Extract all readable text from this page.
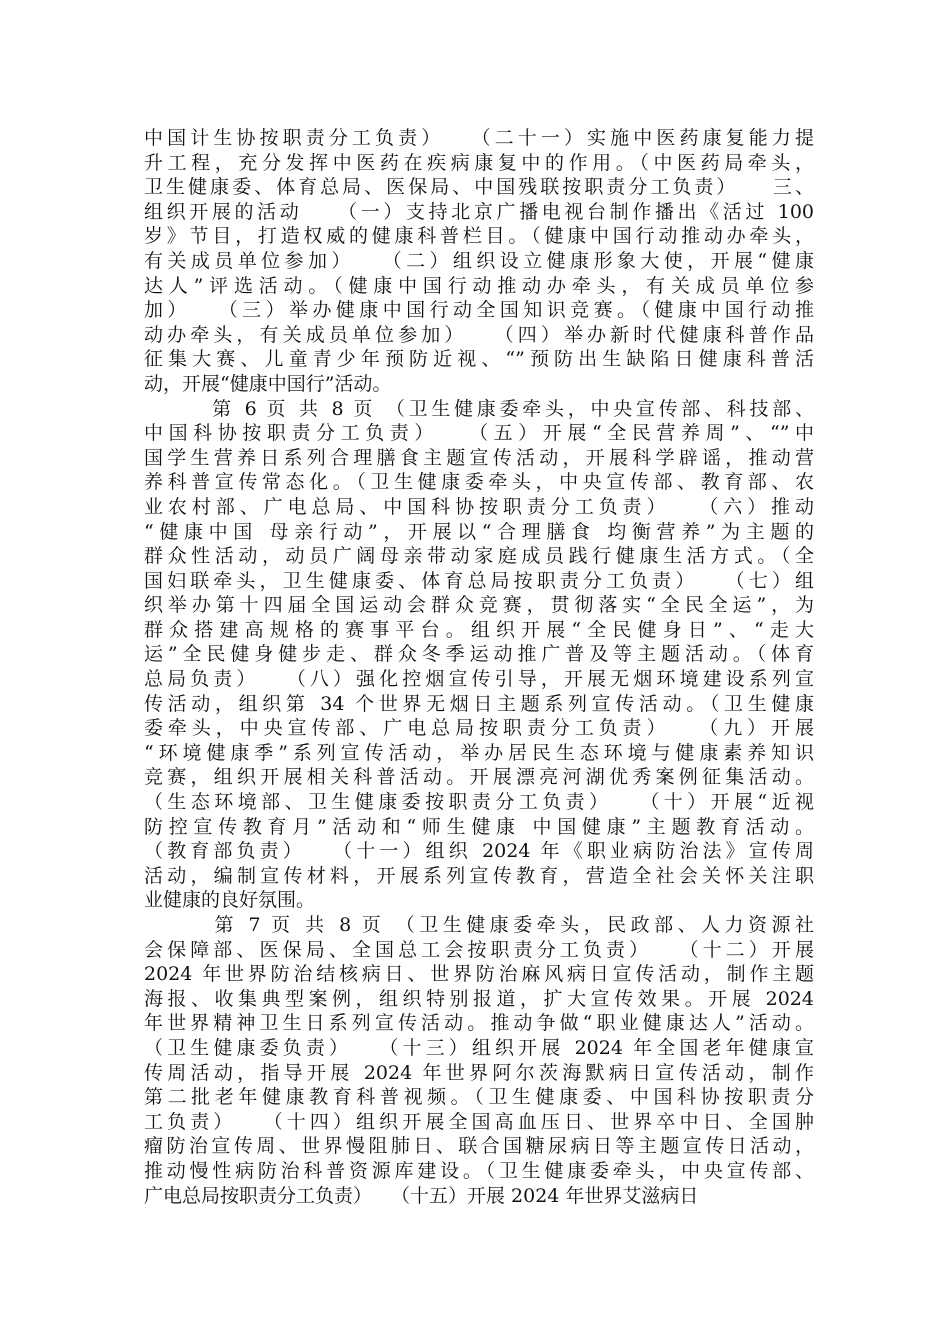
中国计生协按职责分工负责）　　（二十一）实施中医药康复能力提
升工程，充分发挥中医药在疾病康复中的作用。（中医药局牵头，
卫生健康委、体育总局、医保局、中国残联按职责分工负责）　　三、
组织开展的活动　　（一）支持北京广播电视台制作播出《活过 100
岁》节目，打造权威的健康科普栏目。（健康中国行动推动办牵头，
有关成员单位参加）　　（二）组织设立健康形象大使，开展“健康
达人”评选活动。（健康中国行动推动办牵头，有关成员单位参
加）　　（三）举办健康中国行动全国知识竞赛。（健康中国行动推
动办牵头，有关成员单位参加）　　（四）举办新时代健康科普作品
征集大赛、儿童青少年预防近视、“”预防出生缺陷日健康科普活
动，开展“健康中国行”活动。
　　　第 6 页 共 8 页 （卫生健康委牵头，中央宣传部、科技部、
中国科协按职责分工负责）　　（五）开展“全民营养周”、“”中
国学生营养日系列合理膳食主题宣传活动，开展科学辟谣，推动营
养科普宣传常态化。（卫生健康委牵头，中央宣传部、教育部、农
业农村部、广电总局、中国科协按职责分工负责）　　（六）推动
“健康中国 母亲行动”，开展以“合理膳食 均衡营养”为主题的
群众性活动，动员广阔母亲带动家庭成员践行健康生活方式。（全
国妇联牵头，卫生健康委、体育总局按职责分工负责）　　（七）组
织举办第十四届全国运动会群众竞赛，贯彻落实“全民全运”，为
群众搭建高规格的赛事平台。组织开展“全民健身日”、“走大
运”全民健身健步走、群众冬季运动推广普及等主题活动。（体育
总局负责）　　（八）强化控烟宣传引导，开展无烟环境建设系列宣
传活动，组织第 34 个世界无烟日主题系列宣传活动。（卫生健康
委牵头，中央宣传部、广电总局按职责分工负责）　　（九）开展
“环境健康季”系列宣传活动，举办居民生态环境与健康素养知识
竞赛，组织开展相关科普活动。开展漂亮河湖优秀案例征集活动。
（生态环境部、卫生健康委按职责分工负责）　　（十）开展“近视
防控宣传教育月”活动和“师生健康 中国健康”主题教育活动。
（教育部负责）　　（十一）组织 2024 年《职业病防治法》宣传周
活动，编制宣传材料，开展系列宣传教育，营造全社会关怀关注职
业健康的良好氛围。
　　　第 7 页 共 8 页 （卫生健康委牵头，民政部、人力资源社
会保障部、医保局、全国总工会按职责分工负责）　　（十二）开展
2024 年世界防治结核病日、世界防治麻风病日宣传活动，制作主题
海报、收集典型案例，组织特别报道，扩大宣传效果。开展 2024
年世界精神卫生日系列宣传活动。推动争做“职业健康达人”活动。
（卫生健康委负责）　　（十三）组织开展 2024 年全国老年健康宣
传周活动，指导开展 2024 年世界阿尔茨海默病日宣传活动，制作
第二批老年健康教育科普视频。（卫生健康委、中国科协按职责分
工负责）　　（十四）组织开展全国高血压日、世界卒中日、全国肿
瘤防治宣传周、世界慢阻肺日、联合国糖尿病日等主题宣传日活动，
推动慢性病防治科普资源库建设。（卫生健康委牵头，中央宣传部、
广电总局按职责分工负责）　　（十五）开展 2024 年世界艾滋病日
